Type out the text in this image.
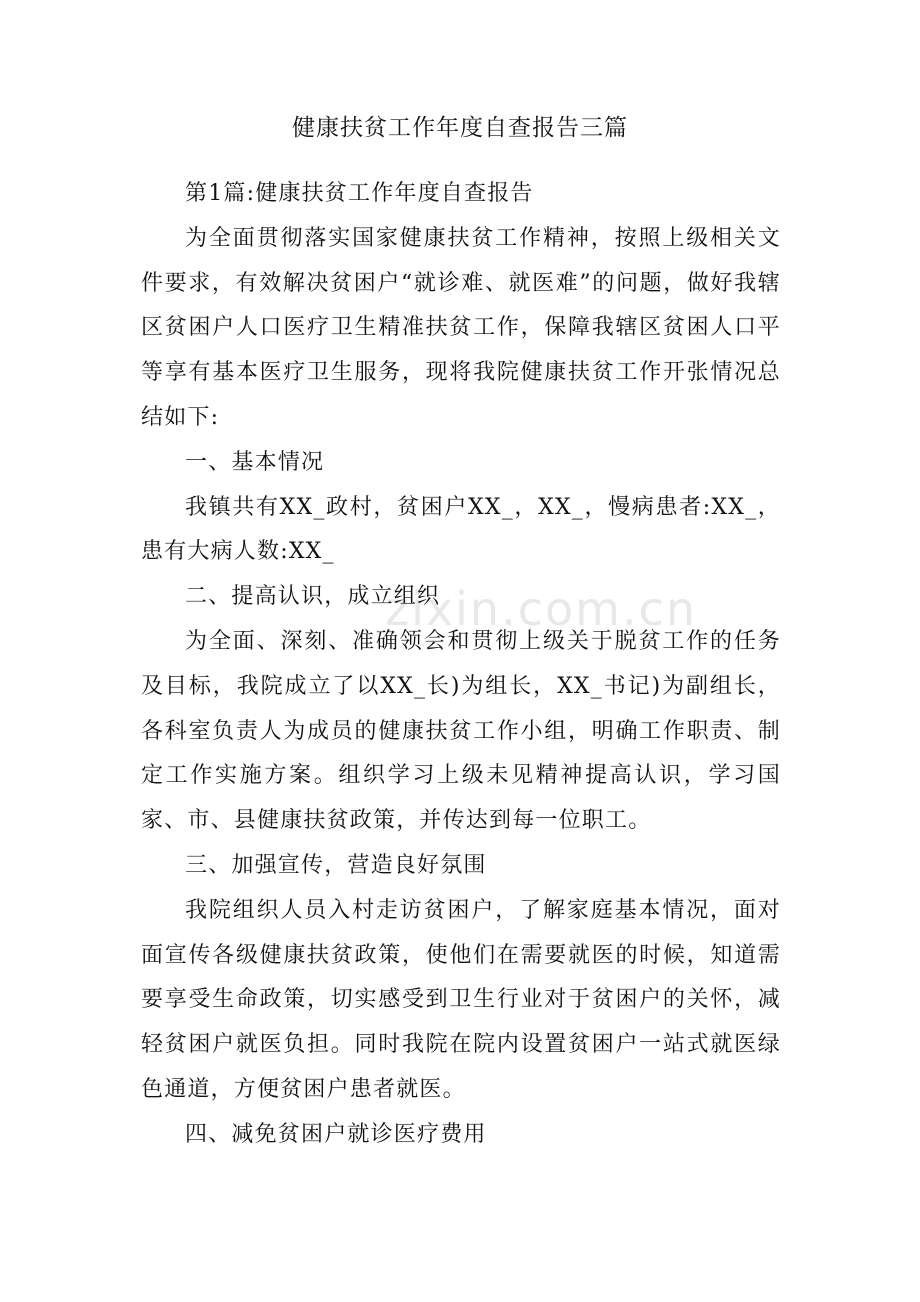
zixin.com.cn
健康扶贫工作年度自查报告三篇

第1篇:健康扶贫工作年度自查报告

为全面贯彻落实国家健康扶贫工作精神，按照上级相关文件要求，有效解决贫困户“就诊难、就医难”的问题，做好我辖区贫困户人口医疗卫生精准扶贫工作，保障我辖区贫困人口平等享有基本医疗卫生服务，现将我院健康扶贫工作开张情况总结如下:

一、基本情况

我镇共有XX_政村，贫困户XX_，XX_，慢病患者:XX_，患有大病人数:XX_

二、提高认识，成立组织

为全面、深刻、准确领会和贯彻上级关于脱贫工作的任务及目标，我院成立了以XX_长)为组长，XX_书记)为副组长，各科室负责人为成员的健康扶贫工作小组，明确工作职责、制定工作实施方案。组织学习上级未见精神提高认识，学习国家、市、县健康扶贫政策，并传达到每一位职工。

三、加强宣传，营造良好氛围

我院组织人员入村走访贫困户，了解家庭基本情况，面对面宣传各级健康扶贫政策，使他们在需要就医的时候，知道需要享受生命政策，切实感受到卫生行业对于贫困户的关怀，减轻贫困户就医负担。同时我院在院内设置贫困户一站式就医绿色通道，方便贫困户患者就医。

四、减免贫困户就诊医疗费用
